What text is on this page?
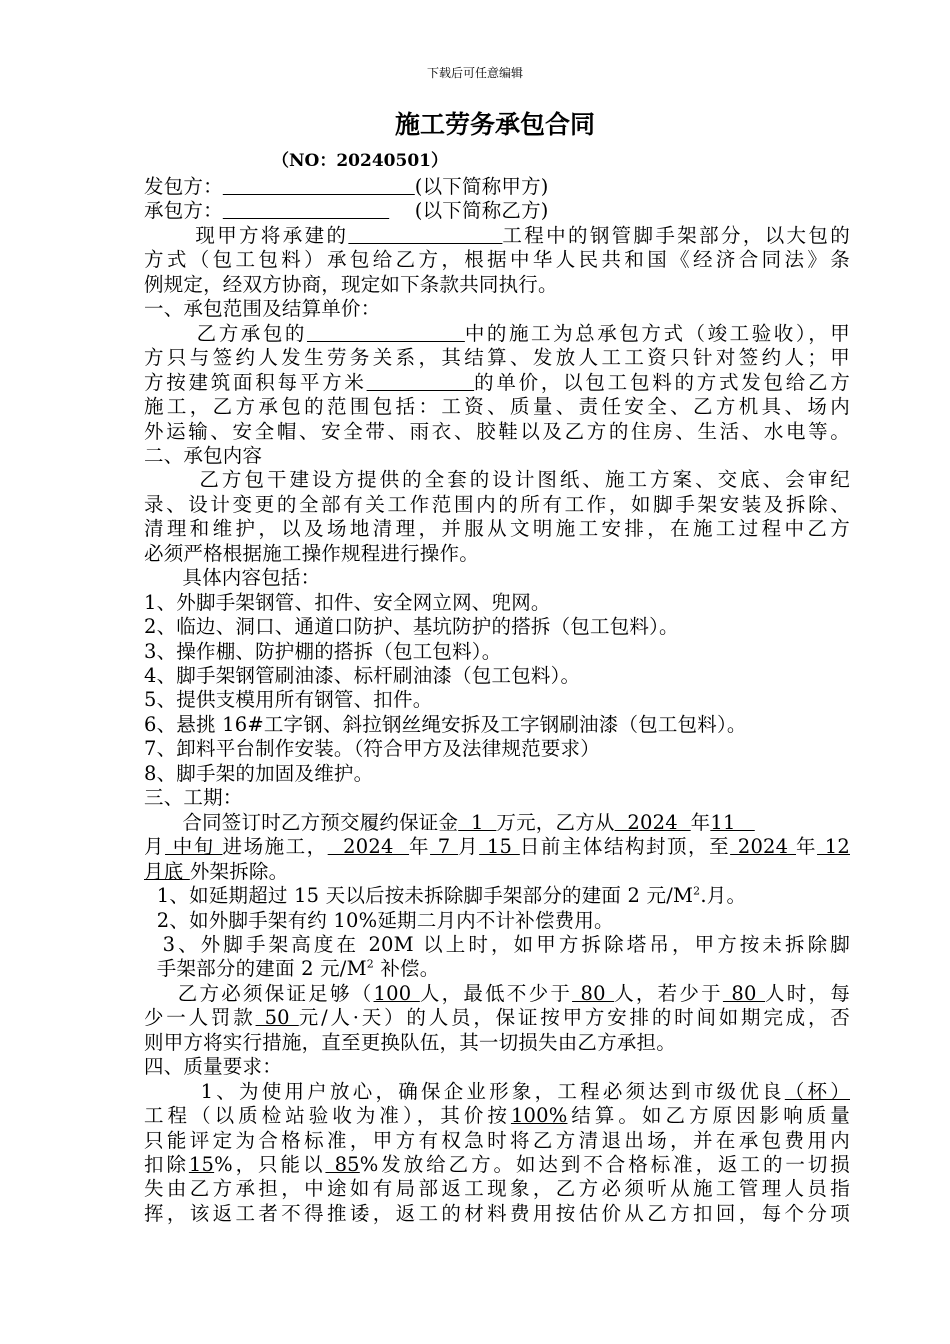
下载后可任意编辑
施工劳务承包合同
（NO：20240501）
发包方：	(以下简称甲方)
承包方：	(以下简称乙方)
现甲方将承建的	工程中的钢管脚手架部分，以大包的
方式（包工包料）承包给乙方，根据中华人民共和国《经济合同法》条
例规定，经双方协商，现定如下条款共同执行。
一、承包范围及结算单价：
乙方承包的	中的施工为总承包方式（竣工验收），甲
方只与签约人发生劳务关系，其结算、发放人工工资只针对签约人；甲
方按建筑面积每平方米	的单价，以包工包料的方式发包给乙方
施工，乙方承包的范围包括：工资、质量、责任安全、乙方机具、场内
外运输、安全帽、安全带、雨衣、胶鞋以及乙方的住房、生活、水电等。
二、承包内容
乙方包干建设方提供的全套的设计图纸、施工方案、交底、会审纪
录、设计变更的全部有关工作范围内的所有工作，如脚手架安装及拆除、
清理和维护，以及场地清理，并服从文明施工安排，在施工过程中乙方
必须严格根据施工操作规程进行操作。
具体内容包括：
1、外脚手架钢管、扣件、安全网立网、兜网。
2、临边、洞口、通道口防护、基坑防护的搭拆（包工包料）。
3、操作棚、防护棚的搭拆（包工包料）。
4、脚手架钢管刷油漆、标杆刷油漆（包工包料）。
5、提供支模用所有钢管、扣件。
6、悬挑 16#工字钢、斜拉钢丝绳安拆及工字钢刷油漆（包工包料）。
7、卸料平台制作安装。（符合甲方及法律规范要求）
8、脚手架的加固及维护。
三、工期：
合同签订时乙方预交履约保证金  1  万元，乙方从  2024  年11
月 中旬 进场施工，  2024  年 7 月 15 日前主体结构封顶，至 2024 年 12
月底 外架拆除。
1、如延期超过 15 天以后按未拆除脚手架部分的建面 2 元$/M^2$.月。
2、如外脚手架有约 10%延期二月内不计补偿费用。
3、外脚手架高度在 20M 以上时，如甲方拆除塔吊，甲方按未拆除脚
手架部分的建面 2 元$/M^2$ 补偿。
乙方必须保证足够（100 人，最低不少于 80 人，若少于 80 人时，每
少一人罚款 50 元/人·天）的人员，保证按甲方安排的时间如期完成，否
则甲方将实行措施，直至更换队伍，其一切损失由乙方承担。
四、质量要求：
1、为使用户放心，确保企业形象，工程必须达到市级优良（杯）
工程（以质检站验收为准），其价按100%结算。如乙方原因影响质量
只能评定为合格标准，甲方有权急时将乙方清退出场，并在承包费用内
扣除15%，只能以 85%发放给乙方。如达到不合格标准，返工的一切损
失由乙方承担，中途如有局部返工现象，乙方必须听从施工管理人员指
挥，该返工者不得推诿，返工的材料费用按估价从乙方扣回，每个分项
